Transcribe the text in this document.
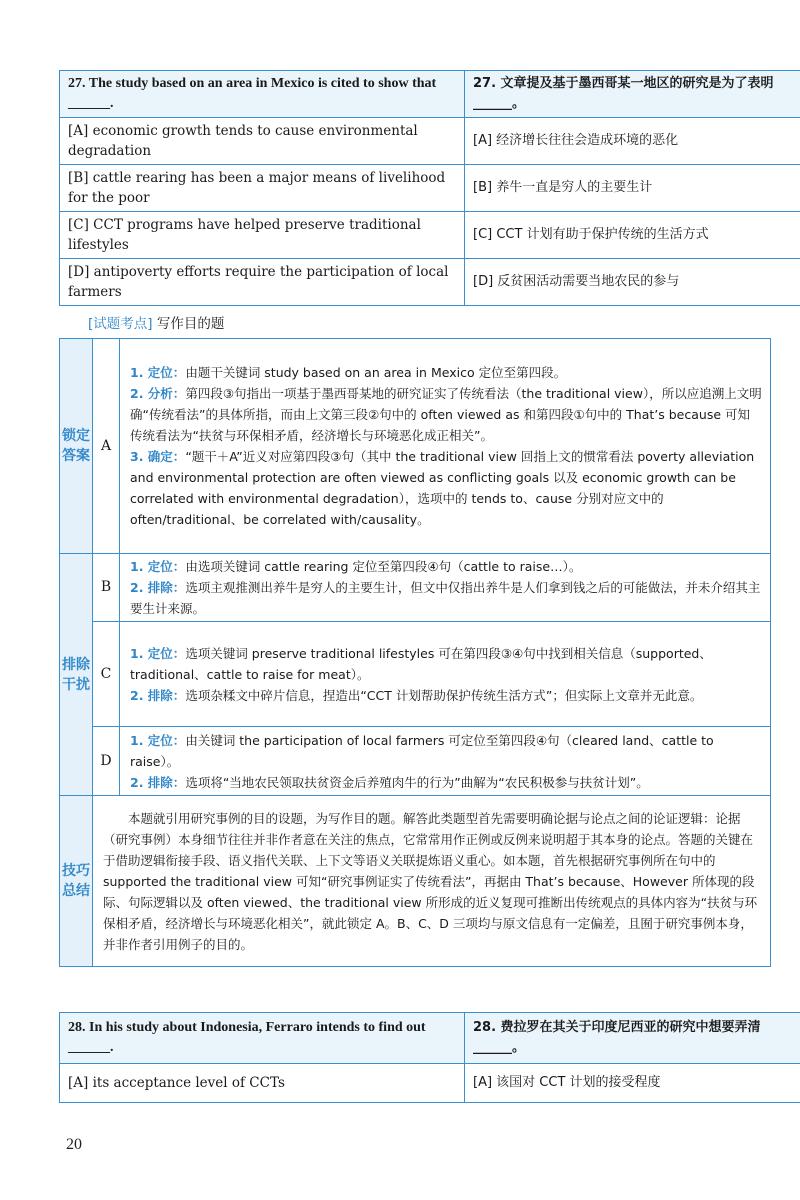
27. The study based on an area in Mexico is cited to show that ______.	27. 文章提及基于墨西哥某一地区的研究是为了表明______。
[A] economic growth tends to cause environmental degradation	[A] 经济增长往往会造成环境的恶化
[B] cattle rearing has been a major means of livelihood for the poor	[B] 养牛一直是穷人的主要生计
[C] CCT programs have helped preserve traditional lifestyles	[C] CCT 计划有助于保护传统的生活方式
[D] antipoverty efforts require the participation of local farmers	[D] 反贫困活动需要当地农民的参与
[试题考点] 写作目的题
锁定
答案	A	1. 定位：由题干关键词 study based on an area in Mexico 定位至第四段。
2. 分析：第四段③句指出一项基于墨西哥某地的研究证实了传统看法（the traditional view），所以应追溯上文明确“传统看法”的具体所指，而由上文第三段②句中的 often viewed as 和第四段①句中的 That’s because 可知传统看法为“扶贫与环保相矛盾，经济增长与环境恶化成正相关”。
3. 确定：“题干＋A”近义对应第四段③句（其中 the traditional view 回指上文的惯常看法 poverty alleviation and environmental protection are often viewed as conflicting goals 以及 economic growth can be correlated with environmental degradation），选项中的 tends to、cause 分别对应文中的 often/traditional、be correlated with/causality。

排除
干扰	B	1. 定位：由选项关键词 cattle rearing 定位至第四段④句（cattle to raise…）。
2. 排除：选项主观推测出养牛是穷人的主要生计，但文中仅指出养牛是人们拿到钱之后的可能做法，并未介绍其主要生计来源。

	C	1. 定位：选项关键词 preserve traditional lifestyles 可在第四段③④句中找到相关信息（supported、traditional、cattle to raise for meat）。
2. 排除：选项杂糅文中碎片信息，捏造出“CCT 计划帮助保护传统生活方式”；但实际上文章并无此意。

	D	1. 定位：由关键词 the participation of local farmers 可定位至第四段④句（cleared land、cattle to raise）。
2. 排除：选项将“当地农民领取扶贫资金后养殖肉牛的行为”曲解为“农民积极参与扶贫计划”。

技巧
总结	本题就引用研究事例的目的设题，为写作目的题。解答此类题型首先需要明确论据与论点之间的论证逻辑：论据（研究事例）本身细节往往并非作者意在关注的焦点，它常常用作正例或反例来说明超于其本身的论点。答题的关键在于借助逻辑衔接手段、语义指代关联、上下文等语义关联提炼语义重心。如本题，首先根据研究事例所在句中的 supported the traditional view 可知“研究事例证实了传统看法”，再据由 That’s because、However 所体现的段际、句际逻辑以及 often viewed、the traditional view 所形成的近义复现可推断出传统观点的具体内容为“扶贫与环保相矛盾，经济增长与环境恶化相关”，就此锁定 A。B、C、D 三项均与原文信息有一定偏差，且囿于研究事例本身，并非作者引用例子的目的。	
28. In his study about Indonesia, Ferraro intends to find out ______.	28. 费拉罗在其关于印度尼西亚的研究中想要弄清______。
[A] its acceptance level of CCTs	[A] 该国对 CCT 计划的接受程度
20
